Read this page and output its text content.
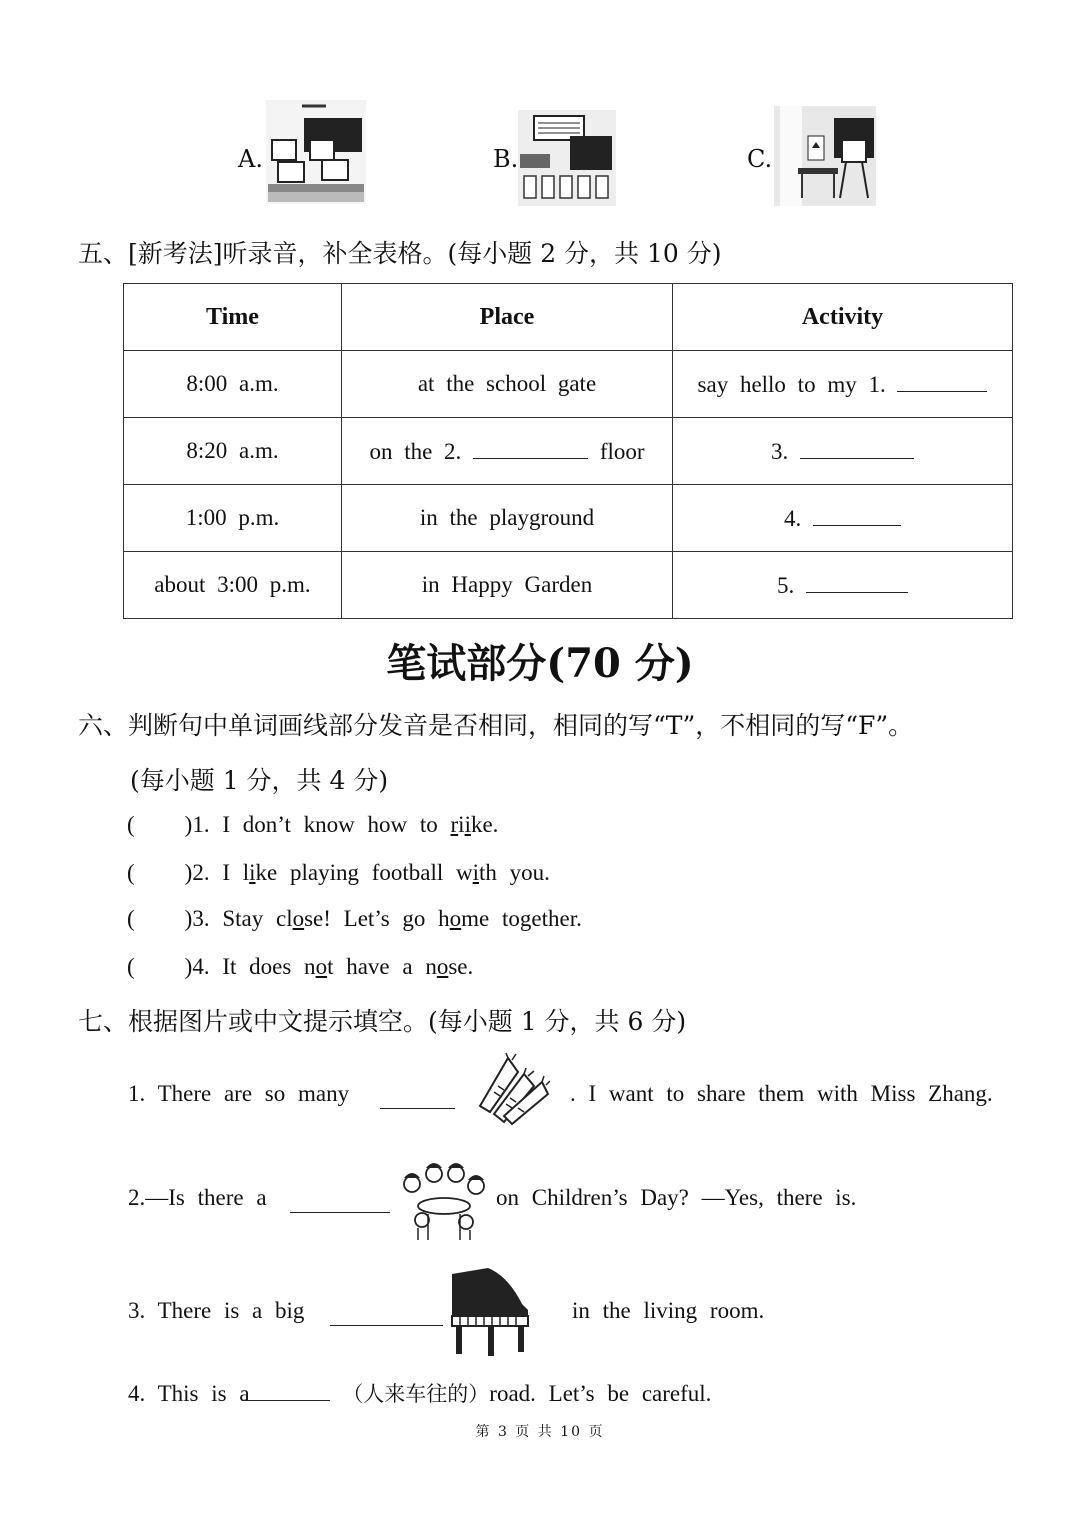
A.	B.	C.
五、[新考法]听录音，补全表格。(每小题 2 分，共 10 分)
Time	Place	Activity
8:00 a.m.	at the school gate	say hello to my 1.
8:20 a.m.	on the 2. floor	3.
1:00 p.m.	in the playground	4.
about 3:00 p.m.	in Happy Garden	5.
笔试部分(70 分)
六、判断句中单词画线部分发音是否相同，相同的写“T”，不相同的写“F”。
(每小题 1 分，共 4 分)
( )1. I don’t know how to riike.
( )2. I like playing football with you.
( )3. Stay close! Let’s go home together.
( )4. It does not have a nose.
七、根据图片或中文提示填空。(每小题 1 分，共 6 分)
1. There are so many	. I want to share them with Miss Zhang.
2.—Is there a	on Children’s Day? —Yes, there is.
3. There is a big	in the living room.
4. This is a	（人来车往的）road. Let’s be careful.
第 3 页 共 10 页
